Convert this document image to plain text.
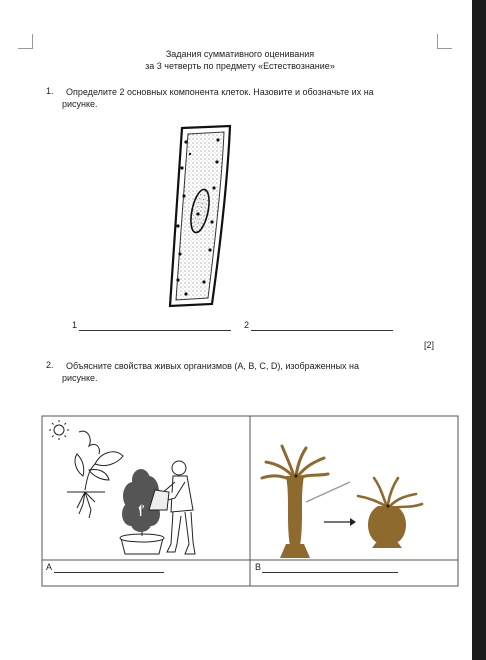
Задания суммативного оценивания
за 3 четверть по предмету «Естествознание»
1. Определите 2 основных компонента клеток. Назовите и обозначьте их на
рисунке.
1	2
[2]
2. Объясните свойства живых организмов (A, B, C, D), изображенных на
рисунке.
A	B
